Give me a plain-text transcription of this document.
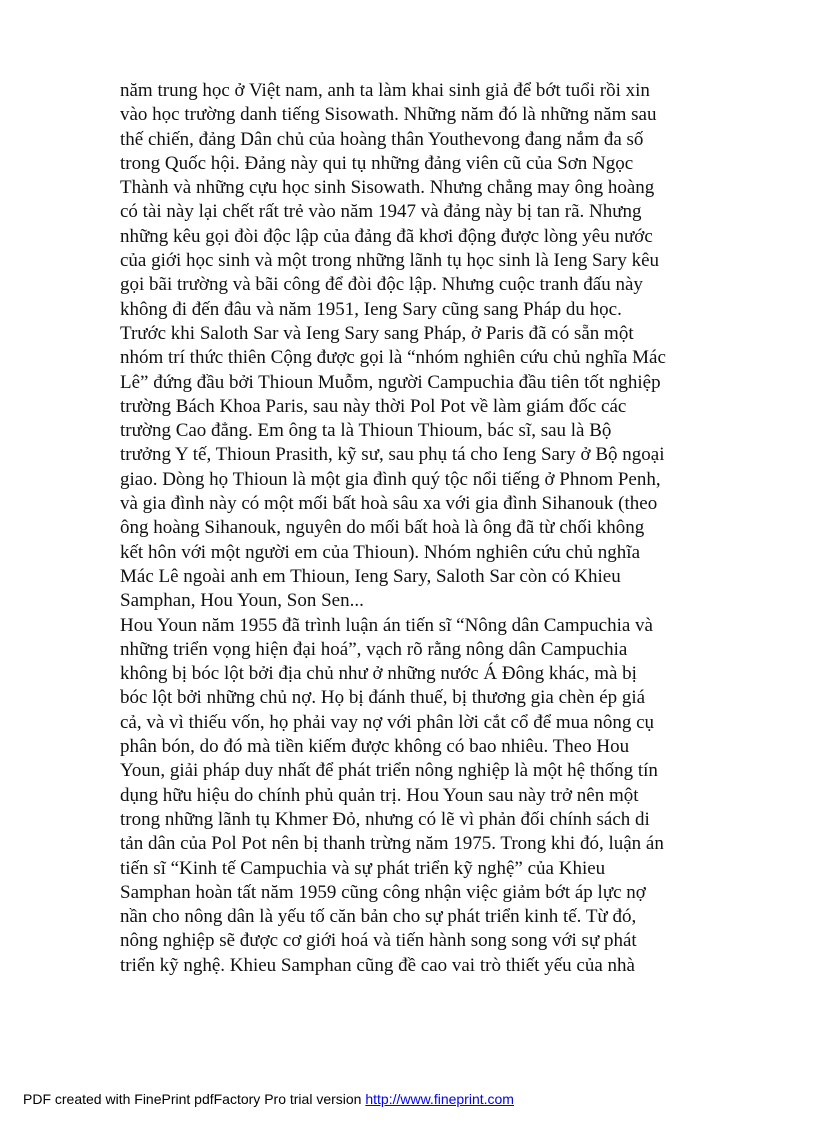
năm trung học ở Việt nam, anh ta làm khai sinh giả để bớt tuổi rồi xin
vào học trường danh tiếng Sisowath. Những năm đó là những năm sau
thế chiến, đảng Dân chủ của hoàng thân Youthevong đang nắm đa số
trong Quốc hội. Đảng này qui tụ những đảng viên cũ của Sơn Ngọc
Thành và những cựu học sinh Sisowath. Nhưng chẳng may ông hoàng
có tài này lại chết rất trẻ vào năm 1947 và đảng này bị tan rã. Nhưng
những kêu gọi đòi độc lập của đảng đã khơi động được lòng yêu nước
của giới học sinh và một trong những lãnh tụ học sinh là Ieng Sary kêu
gọi bãi trường và bãi công để đòi độc lập. Nhưng cuộc tranh đấu này
không đi đến đâu và năm 1951, Ieng Sary cũng sang Pháp du học.
Trước khi Saloth Sar và Ieng Sary sang Pháp, ở Paris đã có sẵn một
nhóm trí thức thiên Cộng được gọi là “nhóm nghiên cứu chủ nghĩa Mác
Lê” đứng đầu bởi Thioun Muỗm, người Campuchia đầu tiên tốt nghiệp
trường Bách Khoa Paris, sau này thời Pol Pot về làm giám đốc các
trường Cao đẳng. Em ông ta là Thioun Thioum, bác sĩ, sau là Bộ
trưởng Y tế, Thioun Prasith, kỹ sư, sau phụ tá cho Ieng Sary ở Bộ ngoại
giao. Dòng họ Thioun là một gia đình quý tộc nổi tiếng ở Phnom Penh,
và gia đình này có một mối bất hoà sâu xa với gia đình Sihanouk (theo
ông hoàng Sihanouk, nguyên do mối bất hoà là ông đã từ chối không
kết hôn với một người em của Thioun). Nhóm nghiên cứu chủ nghĩa
Mác Lê ngoài anh em Thioun, Ieng Sary, Saloth Sar còn có Khieu
Samphan, Hou Youn, Son Sen...
Hou Youn năm 1955 đã trình luận án tiến sĩ “Nông dân Campuchia và
những triển vọng hiện đại hoá”, vạch rõ rằng nông dân Campuchia
không bị bóc lột bởi địa chủ như ở những nước Á Đông khác, mà bị
bóc lột bởi những chủ nợ. Họ bị đánh thuế, bị thương gia chèn ép giá
cả, và vì thiếu vốn, họ phải vay nợ với phân lời cắt cổ để mua nông cụ
phân bón, do đó mà tiền kiếm được không có bao nhiêu. Theo Hou
Youn, giải pháp duy nhất để phát triển nông nghiệp là một hệ thống tín
dụng hữu hiệu do chính phủ quản trị. Hou Youn sau này trở nên một
trong những lãnh tụ Khmer Đỏ, nhưng có lẽ vì phản đối chính sách di
tản dân của Pol Pot nên bị thanh trừng năm 1975. Trong khi đó, luận án
tiến sĩ “Kinh tế Campuchia và sự phát triển kỹ nghệ” của Khieu
Samphan hoàn tất năm 1959 cũng công nhận việc giảm bớt áp lực nợ
nần cho nông dân là yếu tố căn bản cho sự phát triển kinh tế. Từ đó,
nông nghiệp sẽ được cơ giới hoá và tiến hành song song với sự phát
triển kỹ nghệ. Khieu Samphan cũng đề cao vai trò thiết yếu của nhà
PDF created with FinePrint pdfFactory Pro trial version http://www.fineprint.com
